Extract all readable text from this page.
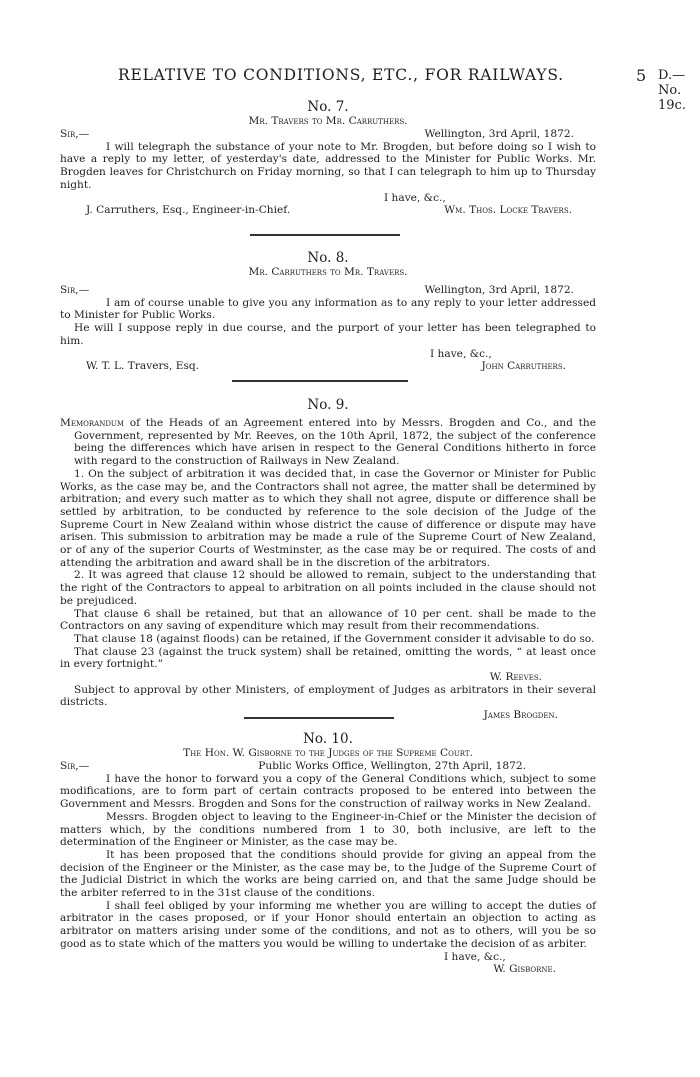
RELATIVE TO CONDITIONS, ETC., FOR RAILWAYS.	5 D.—No. 19c.

No. 7.

Mr. Travers to Mr. Carruthers.

Sir,—	Wellington, 3rd April, 1872.

I will telegraph the substance of your note to Mr. Brogden, but before doing so I wish to have a reply to my letter, of yesterday's date, addressed to the Minister for Public Works. Mr. Brogden leaves for Christchurch on Friday morning, so that I can telegraph to him up to Thursday night.

I have, &c.,

J. Carruthers, Esq., Engineer-in-Chief.	Wm. Thos. Locke Travers.

No. 8.

Mr. Carruthers to Mr. Travers.

Sir,—	Wellington, 3rd April, 1872.

I am of course unable to give you any information as to any reply to your letter addressed to Minister for Public Works.

He will I suppose reply in due course, and the purport of your letter has been telegraphed to him.

I have, &c.,

W. T. L. Travers, Esq.	John Carruthers.

No. 9.

Memorandum of the Heads of an Agreement entered into by Messrs. Brogden and Co., and the Government, represented by Mr. Reeves, on the 10th April, 1872, the subject of the conference being the differences which have arisen in respect to the General Conditions hitherto in force with regard to the construction of Railways in New Zealand.

1. On the subject of arbitration it was decided that, in case the Governor or Minister for Public Works, as the case may be, and the Contractors shall not agree, the matter shall be determined by arbitration; and every such matter as to which they shall not agree, dispute or difference shall be settled by arbitration, to be conducted by reference to the sole decision of the Judge of the Supreme Court in New Zealand within whose district the cause of difference or dispute may have arisen. This submission to arbitration may be made a rule of the Supreme Court of New Zealand, or of any of the superior Courts of Westminster, as the case may be or required. The costs of and attending the arbitration and award shall be in the discretion of the arbitrators.

2. It was agreed that clause 12 should be allowed to remain, subject to the understanding that the right of the Contractors to appeal to arbitration on all points included in the clause should not be prejudiced.

That clause 6 shall be retained, but that an allowance of 10 per cent. shall be made to the Contractors on any saving of expenditure which may result from their recommendations.

That clause 18 (against floods) can be retained, if the Government consider it advisable to do so.

That clause 23 (against the truck system) shall be retained, omitting the words, “ at least once in every fortnight.”

W. Reeves.

Subject to approval by other Ministers, of employment of Judges as arbitrators in their several districts.

James Brogden.

No. 10.

The Hon. W. Gisborne to the Judges of the Supreme Court.

Sir,—	Public Works Office, Wellington, 27th April, 1872.

I have the honor to forward you a copy of the General Conditions which, subject to some modifications, are to form part of certain contracts proposed to be entered into between the Government and Messrs. Brogden and Sons for the construction of railway works in New Zealand.

Messrs. Brogden object to leaving to the Engineer-in-Chief or the Minister the decision of matters which, by the conditions numbered from 1 to 30, both inclusive, are left to the determination of the Engineer or Minister, as the case may be.

It has been proposed that the conditions should provide for giving an appeal from the decision of the Engineer or the Minister, as the case may be, to the Judge of the Supreme Court of the Judicial District in which the works are being carried on, and that the same Judge should be the arbiter referred to in the 31st clause of the conditions.

I shall feel obliged by your informing me whether you are willing to accept the duties of arbitrator in the cases proposed, or if your Honor should entertain an objection to acting as arbitrator on matters arising under some of the conditions, and not as to others, will you be so good as to state which of the matters you would be willing to undertake the decision of as arbiter.

I have, &c.,

W. Gisborne.
